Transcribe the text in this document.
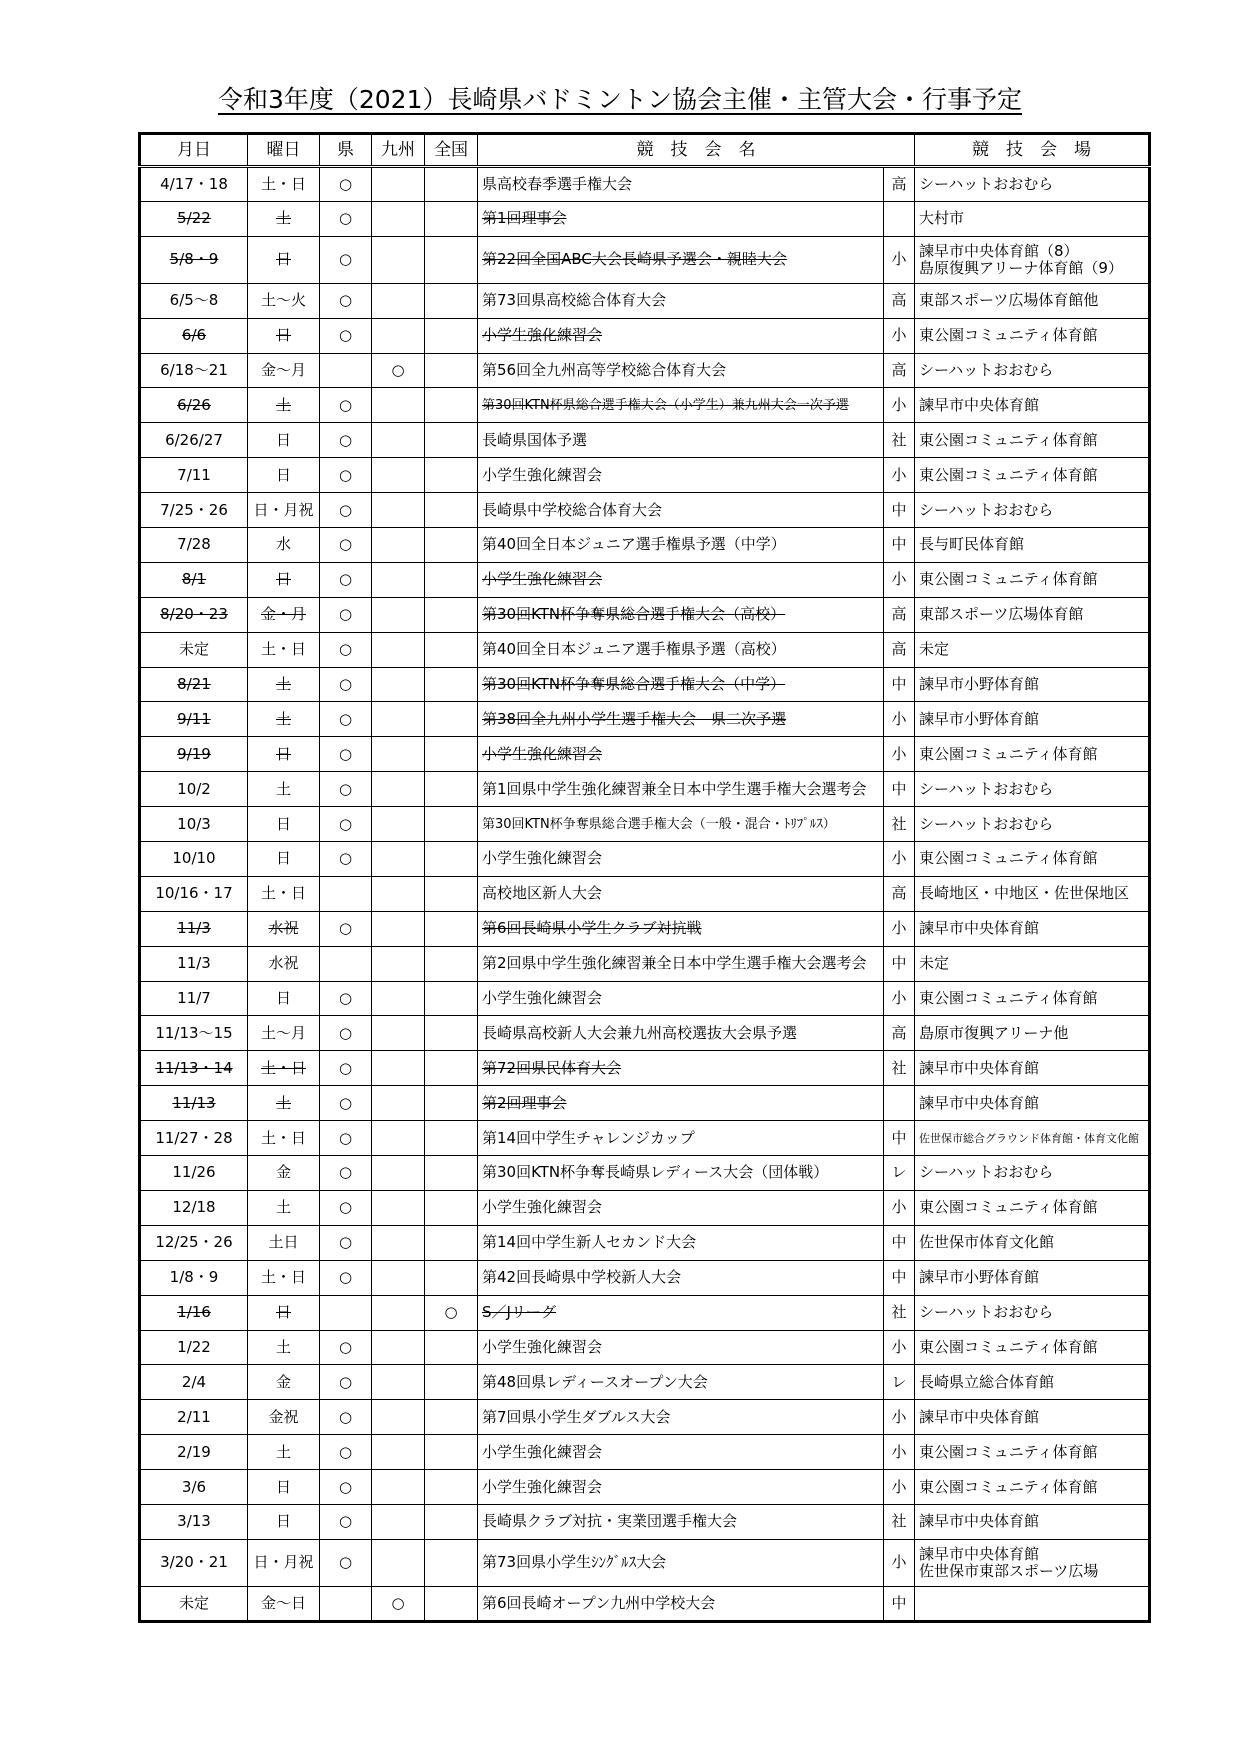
令和3年度（2021）長崎県バドミントン協会主催・主管大会・行事予定
月日	曜日	県	九州	全国	競　技　会　名		競　技　会　場
4/17・18	土・日	○			県高校春季選手権大会	高	シーハットおおむら
5/22	土	○			第1回理事会		大村市
5/8・9	日	○			第22回全国ABC大会長崎県予選会・親睦大会	小	諫早市中央体育館（8）
島原復興アリーナ体育館（9）

6/5～8	土～火	○			第73回県高校総合体育大会	高	東部スポーツ広場体育館他
6/6	日	○			小学生強化練習会	小	東公園コミュニティ体育館
6/18～21	金～月		○		第56回全九州高等学校総合体育大会	高	シーハットおおむら
6/26	土	○			第30回KTN杯県総合選手権大会（小学生）兼九州大会一次予選	小	諫早市中央体育館
6/26/27	日	○			長崎県国体予選	社	東公園コミュニティ体育館
7/11	日	○			小学生強化練習会	小	東公園コミュニティ体育館
7/25・26	日・月祝	○			長崎県中学校総合体育大会	中	シーハットおおむら
7/28	水	○			第40回全日本ジュニア選手権県予選（中学）	中	長与町民体育館
8/1	日	○			小学生強化練習会	小	東公園コミュニティ体育館
8/20・23	金・月	○			第30回KTN杯争奪県総合選手権大会（高校）	高	東部スポーツ広場体育館
未定	土・日	○			第40回全日本ジュニア選手権県予選（高校）	高	未定
8/21	土	○			第30回KTN杯争奪県総合選手権大会（中学）	中	諫早市小野体育館
9/11	土	○			第38回全九州小学生選手権大会　県二次予選	小	諫早市小野体育館
9/19	日	○			小学生強化練習会	小	東公園コミュニティ体育館
10/2	土	○			第1回県中学生強化練習兼全日本中学生選手権大会選考会	中	シーハットおおむら
10/3	日	○			第30回KTN杯争奪県総合選手権大会（一般・混合・ﾄﾘﾌﾟﾙｽ）	社	シーハットおおむら
10/10	日	○			小学生強化練習会	小	東公園コミュニティ体育館
10/16・17	土・日				高校地区新人大会	高	長崎地区・中地区・佐世保地区
11/3	水祝	○			第6回長崎県小学生クラブ対抗戦	小	諫早市中央体育館
11/3	水祝				第2回県中学生強化練習兼全日本中学生選手権大会選考会	中	未定
11/7	日	○			小学生強化練習会	小	東公園コミュニティ体育館
11/13～15	土～月	○			長崎県高校新人大会兼九州高校選抜大会県予選	高	島原市復興アリーナ他
11/13・14	土・日	○			第72回県民体育大会	社	諫早市中央体育館
11/13	土	○			第2回理事会		諫早市中央体育館
11/27・28	土・日	○			第14回中学生チャレンジカップ	中	佐世保市総合グラウンド体育館・体育文化館
11/26	金	○			第30回KTN杯争奪長崎県レディース大会（団体戦）	レ	シーハットおおむら
12/18	土	○			小学生強化練習会	小	東公園コミュニティ体育館
12/25・26	土日	○			第14回中学生新人セカンド大会	中	佐世保市体育文化館
1/8・9	土・日	○			第42回長崎県中学校新人大会	中	諫早市小野体育館
1/16	日			○	S／Jリーグ	社	シーハットおおむら
1/22	土	○			小学生強化練習会	小	東公園コミュニティ体育館
2/4	金	○			第48回県レディースオープン大会	レ	長崎県立総合体育館
2/11	金祝	○			第7回県小学生ダブルス大会	小	諫早市中央体育館
2/19	土	○			小学生強化練習会	小	東公園コミュニティ体育館
3/6	日	○			小学生強化練習会	小	東公園コミュニティ体育館
3/13	日	○			長崎県クラブ対抗・実業団選手権大会	社	諫早市中央体育館
3/20・21	日・月祝	○			第73回県小学生ｼﾝｸﾞﾙｽ大会	小	諫早市中央体育館
佐世保市東部スポーツ広場

未定	金～日		○		第6回長崎オープン九州中学校大会	中	
